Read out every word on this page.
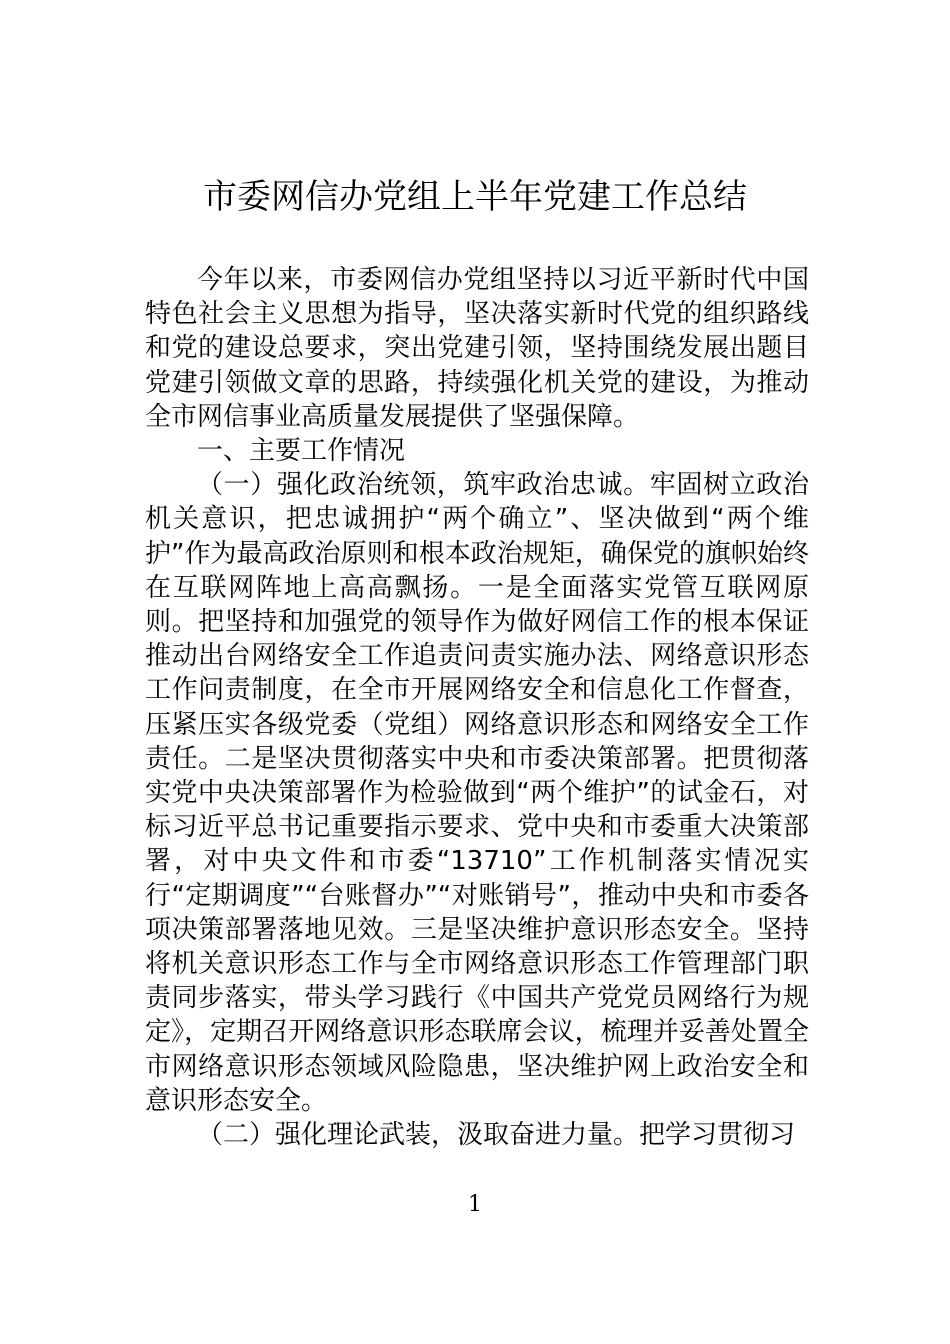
市委网信办党组上半年党建工作总结

今年以来，市委网信办党组坚持以习近平新时代中国特色社会主义思想为指导，坚决落实新时代党的组织路线和党的建设总要求，突出党建引领，坚持围绕发展出题目党建引领做文章的思路，持续强化机关党的建设，为推动全市网信事业高质量发展提供了坚强保障。

一、主要工作情况

（一）强化政治统领，筑牢政治忠诚。牢固树立政治机关意识，把忠诚拥护“两个确立”、坚决做到“两个维护”作为最高政治原则和根本政治规矩，确保党的旗帜始终在互联网阵地上高高飘扬。一是全面落实党管互联网原则。把坚持和加强党的领导作为做好网信工作的根本保证推动出台网络安全工作追责问责实施办法、网络意识形态工作问责制度，在全市开展网络安全和信息化工作督查，压紧压实各级党委（党组）网络意识形态和网络安全工作责任。二是坚决贯彻落实中央和市委决策部署。把贯彻落实党中央决策部署作为检验做到“两个维护”的试金石，对标习近平总书记重要指示要求、党中央和市委重大决策部署，对中央文件和市委“13710”工作机制落实情况实行“定期调度”“台账督办”“对账销号”，推动中央和市委各项决策部署落地见效。三是坚决维护意识形态安全。坚持将机关意识形态工作与全市网络意识形态工作管理部门职责同步落实，带头学习践行《中国共产党党员网络行为规定》，定期召开网络意识形态联席会议，梳理并妥善处置全市网络意识形态领域风险隐患，坚决维护网上政治安全和意识形态安全。

（二）强化理论武装，汲取奋进力量。把学习贯彻习

1
